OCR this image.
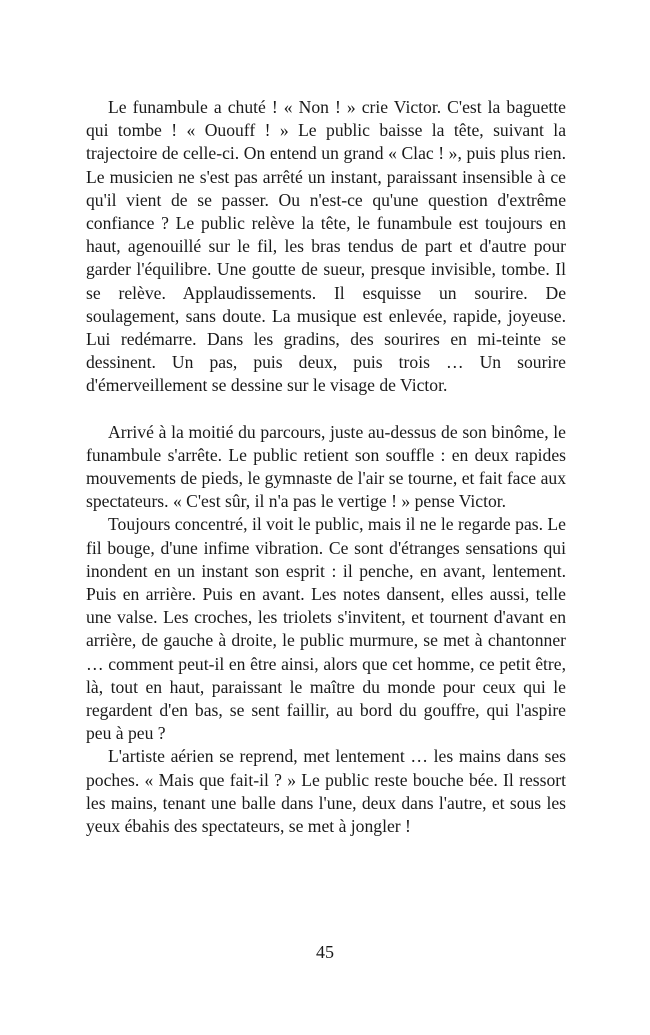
Le funambule a chuté ! « Non ! » crie Victor. C'est la baguette qui tombe ! « Ououff ! » Le public baisse la tête, suivant la trajectoire de celle-ci. On entend un grand « Clac ! », puis plus rien. Le musicien ne s'est pas arrêté un instant, paraissant insensible à ce qu'il vient de se passer. Ou n'est-ce qu'une question d'extrême confiance ? Le public relève la tête, le funambule est toujours en haut, agenouillé sur le fil, les bras tendus de part et d'autre pour garder l'équilibre. Une goutte de sueur, presque invisible, tombe. Il se relève. Applaudissements. Il esquisse un sourire. De soulagement, sans doute. La musique est enlevée, rapide, joyeuse. Lui redémarre. Dans les gradins, des sourires en mi-teinte se dessinent. Un pas, puis deux, puis trois … Un sourire d'émerveillement se dessine sur le visage de Victor.

Arrivé à la moitié du parcours, juste au-dessus de son binôme, le funambule s'arrête. Le public retient son souffle : en deux rapides mouvements de pieds, le gymnaste de l'air se tourne, et fait face aux spectateurs. « C'est sûr, il n'a pas le vertige ! » pense Victor.

Toujours concentré, il voit le public, mais il ne le regarde pas. Le fil bouge, d'une infime vibration. Ce sont d'étranges sensations qui inondent en un instant son esprit : il penche, en avant, lentement. Puis en arrière. Puis en avant. Les notes dansent, elles aussi, telle une valse. Les croches, les triolets s'invitent, et tournent d'avant en arrière, de gauche à droite, le public murmure, se met à chantonner … comment peut-il en être ainsi, alors que cet homme, ce petit être, là, tout en haut, paraissant le maître du monde pour ceux qui le regardent d'en bas, se sent faillir, au bord du gouffre, qui l'aspire peu à peu ?

L'artiste aérien se reprend, met lentement … les mains dans ses poches. « Mais que fait-il ? » Le public reste bouche bée. Il ressort les mains, tenant une balle dans l'une, deux dans l'autre, et sous les yeux ébahis des spectateurs, se met à jongler !

45
